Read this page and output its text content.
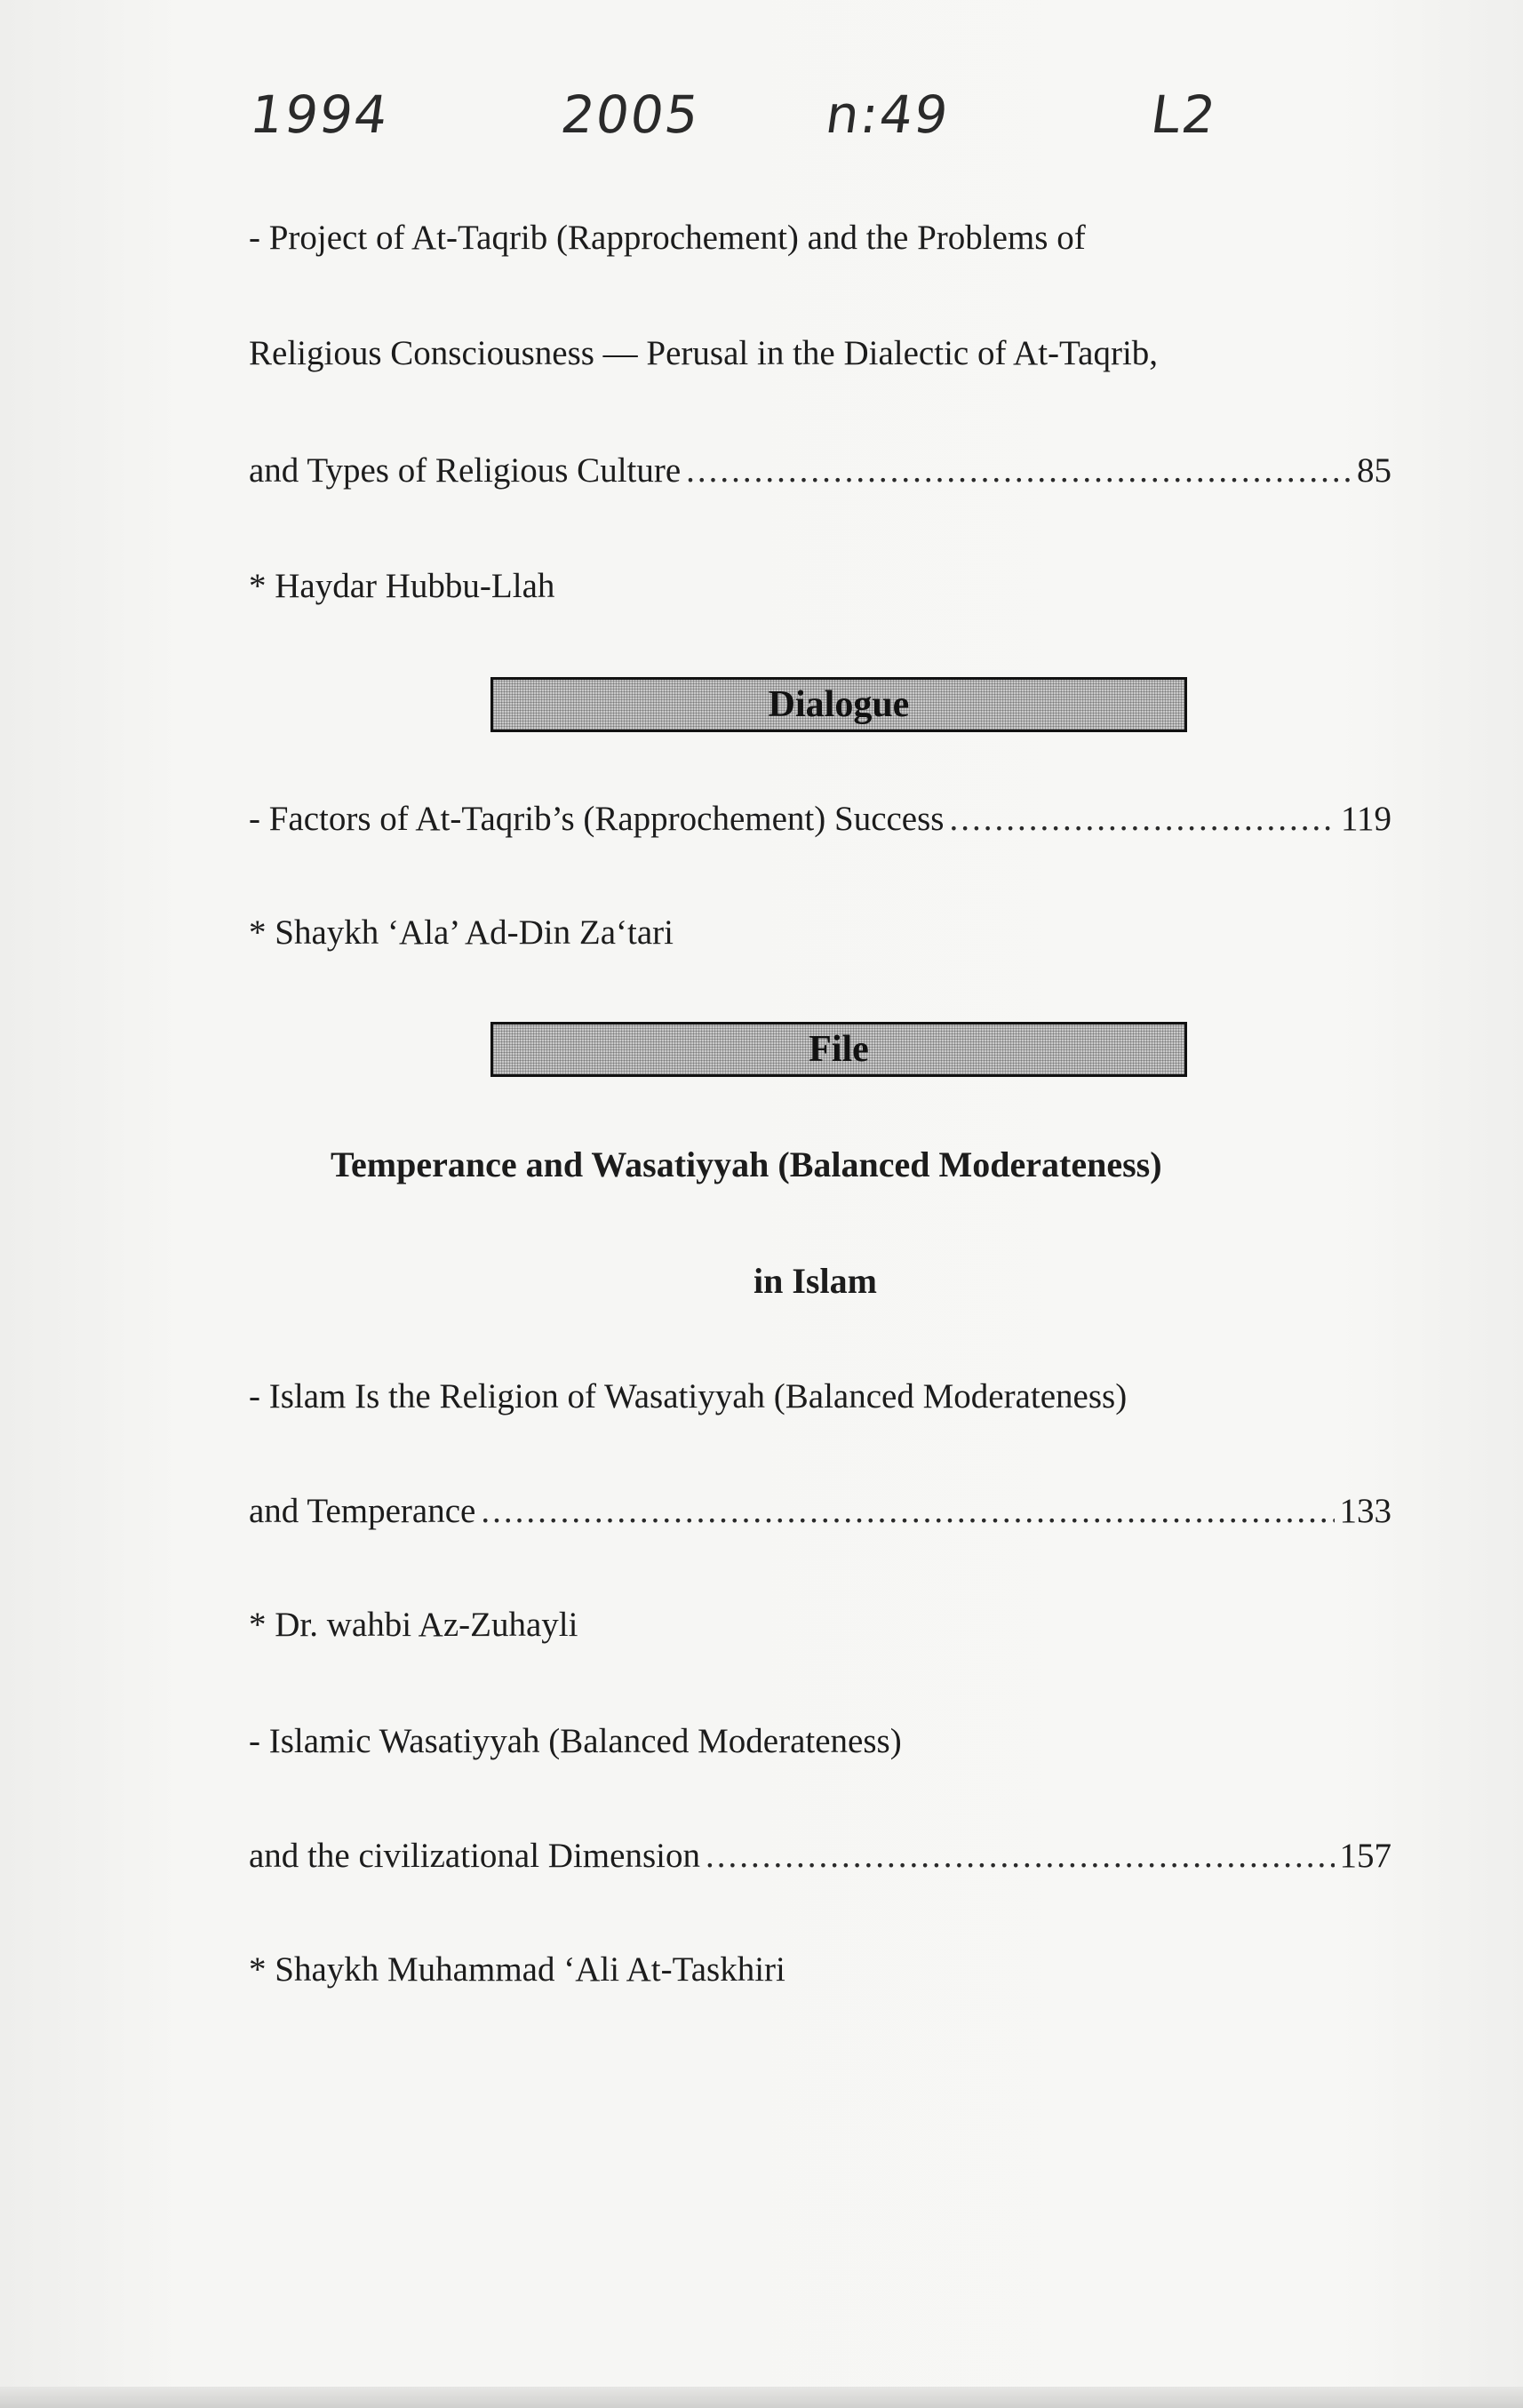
1994	2005 n:49	L2
- Project of At-Taqrib (Rapprochement) and the Problems of
Religious Consciousness — Perusal in the Dialectic of At-Taqrib,
and Types of Religious Culture .....	85
* Haydar Hubbu-Llah
Dialogue
- Factors of At-Taqrib’s (Rapprochement) Success .....	119
* Shaykh ‘Ala’ Ad-Din Za‘tari
File
Temperance and Wasatiyyah (Balanced Moderateness)
in Islam
- Islam Is the Religion of Wasatiyyah (Balanced Moderateness)
and Temperance .....	133
* Dr. wahbi Az-Zuhayli
- Islamic Wasatiyyah (Balanced Moderateness)
and the civilizational Dimension .....	157
* Shaykh Muhammad ‘Ali At-Taskhiri
